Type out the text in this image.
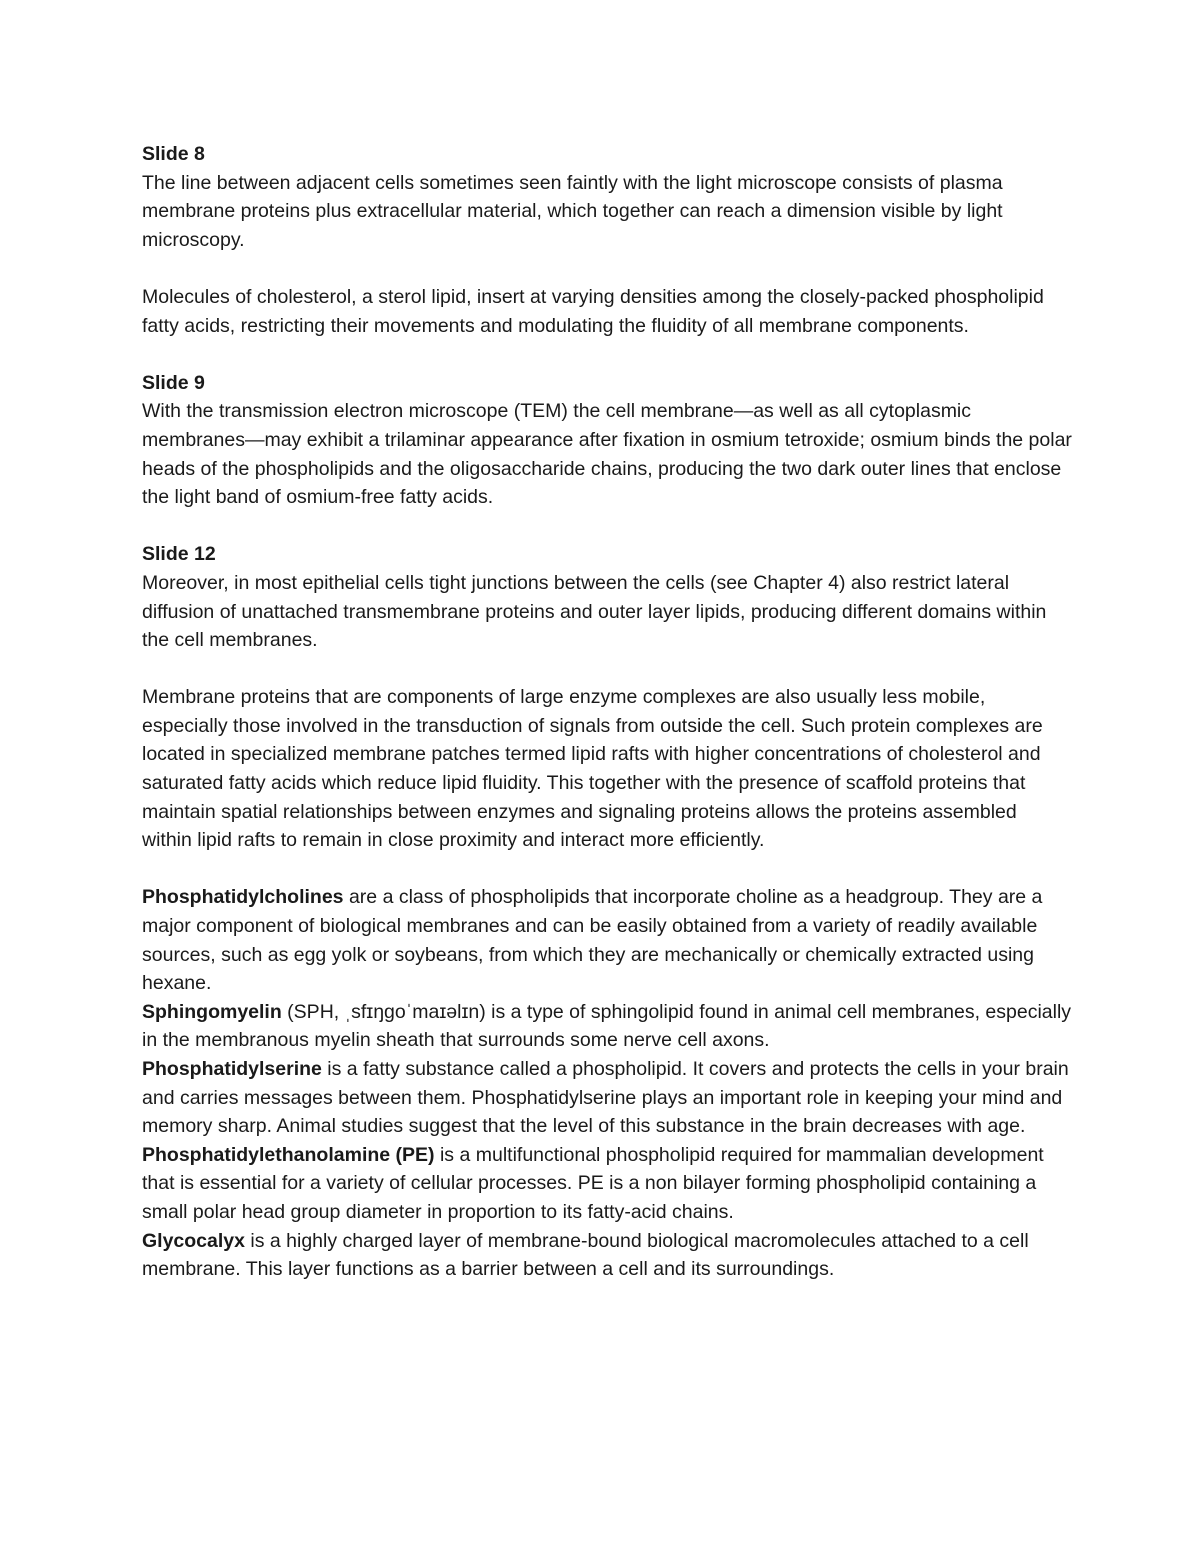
Slide 8

The line between adjacent cells sometimes seen faintly with the light microscope consists of plasma membrane proteins plus extracellular material, which together can reach a dimension visible by light microscopy.

Molecules of cholesterol, a sterol lipid, insert at varying densities among the closely-packed phospholipid fatty acids, restricting their movements and modulating the fluidity of all membrane components.

Slide 9

With the transmission electron microscope (TEM) the cell membrane—as well as all cytoplasmic membranes—may exhibit a trilaminar appearance after fixation in osmium tetroxide; osmium binds the polar heads of the phospholipids and the oligosaccharide chains, producing the two dark outer lines that enclose the light band of osmium-free fatty acids.

Slide 12

Moreover, in most epithelial cells tight junctions between the cells (see Chapter 4) also restrict lateral diffusion of unattached transmembrane proteins and outer layer lipids, producing different domains within the cell membranes.

Membrane proteins that are components of large enzyme complexes are also usually less mobile, especially those involved in the transduction of signals from outside the cell. Such protein complexes are located in specialized membrane patches termed lipid rafts with higher concentrations of cholesterol and saturated fatty acids which reduce lipid fluidity. This together with the presence of scaffold proteins that maintain spatial relationships between enzymes and signaling proteins allows the proteins assembled within lipid rafts to remain in close proximity and interact more efficiently.

Phosphatidylcholines are a class of phospholipids that incorporate choline as a headgroup. They are a major component of biological membranes and can be easily obtained from a variety of readily available sources, such as egg yolk or soybeans, from which they are mechanically or chemically extracted using hexane.

Sphingomyelin (SPH, ˌsfɪŋɡoˈmaɪəlɪn) is a type of sphingolipid found in animal cell membranes, especially in the membranous myelin sheath that surrounds some nerve cell axons.

Phosphatidylserine is a fatty substance called a phospholipid. It covers and protects the cells in your brain and carries messages between them. Phosphatidylserine plays an important role in keeping your mind and memory sharp. Animal studies suggest that the level of this substance in the brain decreases with age.

Phosphatidylethanolamine (PE) is a multifunctional phospholipid required for mammalian development that is essential for a variety of cellular processes. PE is a non bilayer forming phospholipid containing a small polar head group diameter in proportion to its fatty-acid chains.

Glycocalyx is a highly charged layer of membrane-bound biological macromolecules attached to a cell membrane. This layer functions as a barrier between a cell and its surroundings.
